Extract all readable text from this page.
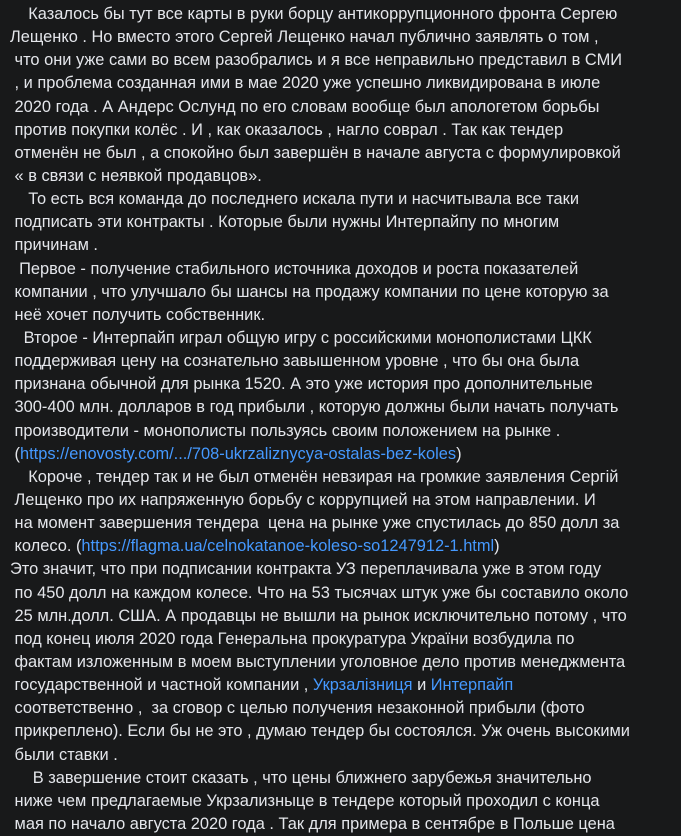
Казалось бы тут все карты в руки борцу антикоррупционного фронта Сергею
Лещенко . Но вместо этого Сергей Лещенко начал публично заявлять о том ,
что они уже сами во всем разобрались и я все неправильно представил в СМИ
, и проблема созданная ими в мае 2020 уже успешно ликвидирована в июле
2020 года . А Андерс Ослунд по его словам вообще был апологетом борьбы
против покупки колёс . И , как оказалось , нагло соврал . Так как тендер
отменён не был , а спокойно был завершён в начале августа с формулировкой
« в связи с неявкой продавцов».
То есть вся команда до последнего искала пути и насчитывала все таки
подписать эти контракты . Которые были нужны Интерпайпу по многим
причинам .
Первое - получение стабильного источника доходов и роста показателей
компании , что улучшало бы шансы на продажу компании по цене которую за
неё хочет получить собственник.
Второе - Интерпайп играл общую игру с российскими монополистами ЦКК
поддерживая цену на сознательно завышенном уровне , что бы она была
признана обычной для рынка 1520. А это уже история про дополнительные
300-400 млн. долларов в год прибыли , которую должны были начать получать
производители - монополисты пользуясь своим положением на рынке .
(https://enovosty.com/.../708-ukrzaliznycya-ostalas-bez-koles)
Короче , тендер так и не был отменён невзирая на громкие заявления Сергій
Лещенко про их напряженную борьбу с коррупцией на этом направлении. И
на момент завершения тендера  цена на рынке уже спустилась до 850 долл за
колесо. (https://flagma.ua/celnokatanoe-koleso-so1247912-1.html)
Это значит, что при подписании контракта УЗ переплачивала уже в этом году
по 450 долл на каждом колесе. Что на 53 тысячах штук уже бы составило около
25 млн.долл. США. А продавцы не вышли на рынок исключительно потому , что
под конец июля 2020 года Генеральна прокуратура України возбудила по
фактам изложенным в моем выступлении уголовное дело против менеджмента
государственной и частной компании , Укрзалізниця и Интерпайп
соответственно ,  за сговор с целью получения незаконной прибыли (фото
прикреплено). Если бы не это , думаю тендер бы состоялся. Уж очень высокими
были ставки .
В завершение стоит сказать , что цены ближнего зарубежья значительно
ниже чем предлагаемые Укрзализныце в тендере который проходил с конца
мая по начало августа 2020 года . Так для примера в сентябре в Польше цена
